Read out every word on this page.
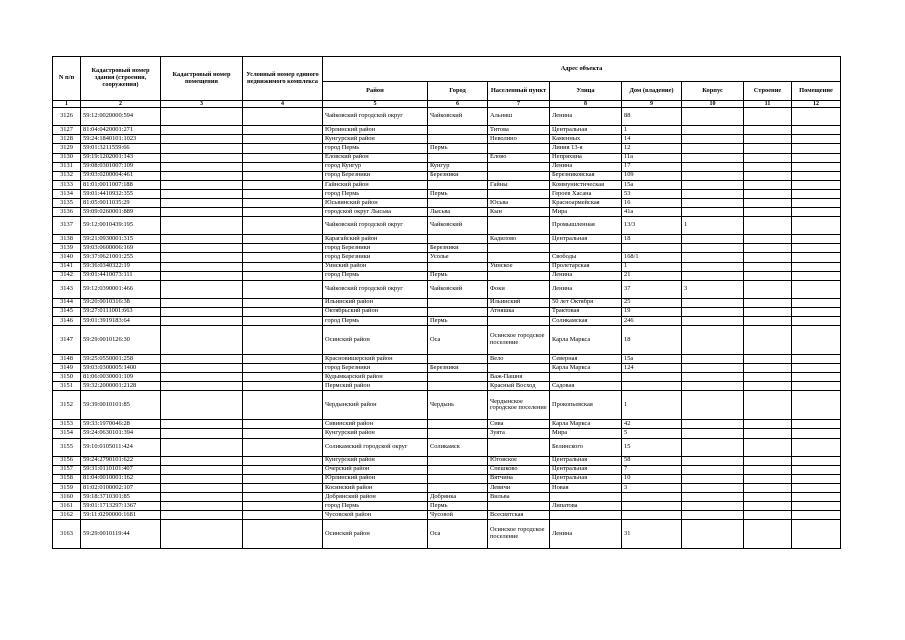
N п/п	Кадастровый номер здания (строения, сооружения)	Кадастровый номер помещения	Условный номер единого недвижимого комплекса	Адрес объекта							
				Район	Город	Населенный пункт	Улица	Дом (владение)	Корпус	Строение	Помещение
1	2	3	4	5	6	7	8	9	10	11	12
3126	59:12:0020000:594			Чайковский городской округ	Чайковский	Альняш	Ленина	88			
3127	81:04:0420001:271			Юрлинский район		Титова	Центральная	1			
3128	59:24:1840101:1023			Кунгурский район		Неволино	Каменных	14			
3129	59:01:3211559:66			город Пермь	Пермь		Линия 13-я	12			
3130	59:19:1202001:143			Еловский район		Елово	Непряхина	11а			
3131	59:08:0301007:109			город Кунгур	Кунгур		Ленина	17			
3132	59:03:0200004:461			город Березники	Березники		Березниковская	109			
3133	81:01:0011007:188			Гайнский район		Гайны	Коммунистическая	15а			
3134	59:01:4410932:355			город Пермь	Пермь		Героев Хасана	53			
3135	81:05:0011035:29			Юсьвинский район		Юсьва	Красноармейская	16			
3136	59:09:0260001:889			городской округ Лысьва	Лысьва	Кын	Мира	41а			
3137	59:12:0010439:195			Чайковский городской округ	Чайковский		Промышленная	13/3	1		
3138	59:21:0930001:315			Карагайский район		Кадилово	Центральная	18			
3139	59:03:0600006:169			город Березники	Березники						
3140	59:37:0621001:255			город Березники	Усолье		Свободы	168/1			
3141	59:36:0340322:19			Уинский район		Уинское	Пролетарская	1			
3142	59:01:4410073:111			город Пермь	Пермь		Ленина	21			
3143	59:12:0390001:466			Чайковский городской округ	Чайковский	Фоки	Ленина	37	3		
3144	59:20:0010316:38			Ильинский район		Ильинский	50 лет Октября	25			
3145	59:27:0111001:663			Октябрьский район		Атняшка	Трактовая	19			
3146	59:01:3919183:64			город Пермь	Пермь		Соликамская	246			
3147	59:29:0010126:30			Осинский район	Оса	Осинское городское поселение	Карла Маркса	18			
3148	59:25:0550001:258			Красновишерский район		Вело	Северная	15а			
3149	59:03:0300005:1400			город Березники	Березники		Карла Маркса	124			
3150	81:06:0030001:109			Кудымкарский район		Важ-Пашня					
3151	59:32:2000001:2128			Пермский район		Красный Восход	Садовая				
3152	59:39:0010101:85			Чердынский район	Чердынь	Чердынское городское поселение	Прокопьевская	1			
3153	59:33:1970046:28			Сивинский район		Сива	Карла Маркса	42			
3154	59:24:0630101:394			Кунгурский район		Зуята	Мира	5			
3155	59:10:0105011:424			Соликамский городской округ	Соликамск		Белинского	15			
3156	59:24:2790101:622			Кунгурский район		Юговское	Центральная	58			
3157	59:31:0110101:407			Очерский район		Спешково	Центральная	7			
3158	81:04:0010001:162			Юрлинский район		Вятчина	Центральная	10			
3159	81:02:0100002:107			Косинский район		Левичи	Новая	3			
3160	59:18:3710301:85			Добрянский район	Добрянка	Вильва					
3161	59:01:1713297:1367			город Пермь	Пермь		Липатова				
3162	59:11:0290000:1681			Чусовской район	Чусовой	Всесвятская					
3163	59:29:0010119:44			Осинский район	Оса	Осинское городское поселение	Ленина	31			
